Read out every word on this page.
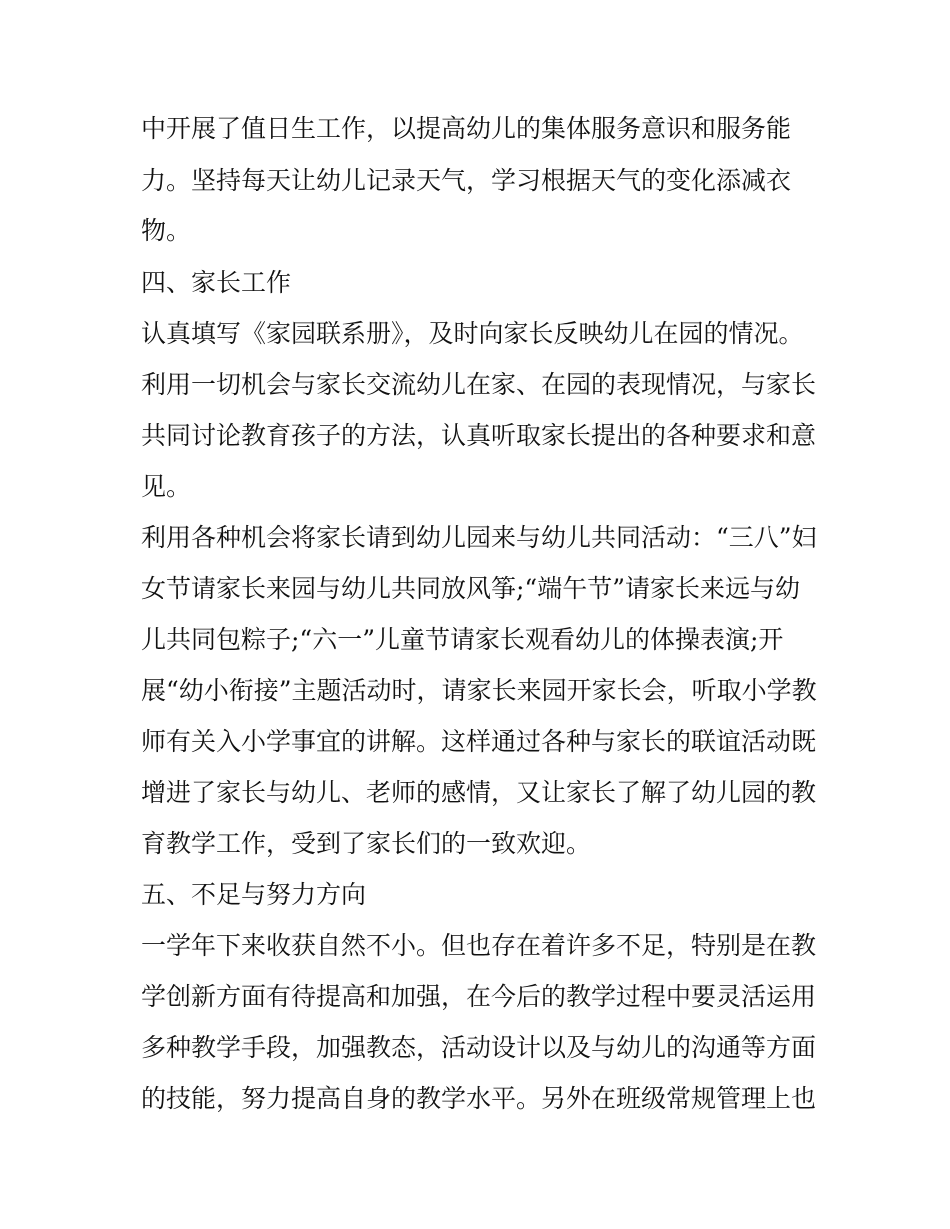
中开展了值日生工作，以提高幼儿的集体服务意识和服务能
力。坚持每天让幼儿记录天气，学习根据天气的变化添减衣
物。
四、家长工作
认真填写《家园联系册》，及时向家长反映幼儿在园的情况。
利用一切机会与家长交流幼儿在家、在园的表现情况，与家长
共同讨论教育孩子的方法，认真听取家长提出的各种要求和意
见。
利用各种机会将家长请到幼儿园来与幼儿共同活动：“三八”妇
女节请家长来园与幼儿共同放风筝;“端午节”请家长来远与幼
儿共同包粽子;“六一”儿童节请家长观看幼儿的体操表演;开
展“幼小衔接”主题活动时，请家长来园开家长会，听取小学教
师有关入小学事宜的讲解。这样通过各种与家长的联谊活动既
增进了家长与幼儿、老师的感情，又让家长了解了幼儿园的教
育教学工作，受到了家长们的一致欢迎。
五、不足与努力方向
一学年下来收获自然不小。但也存在着许多不足，特别是在教
学创新方面有待提高和加强，在今后的教学过程中要灵活运用
多种教学手段，加强教态，活动设计以及与幼儿的沟通等方面
的技能，努力提高自身的教学水平。另外在班级常规管理上也
